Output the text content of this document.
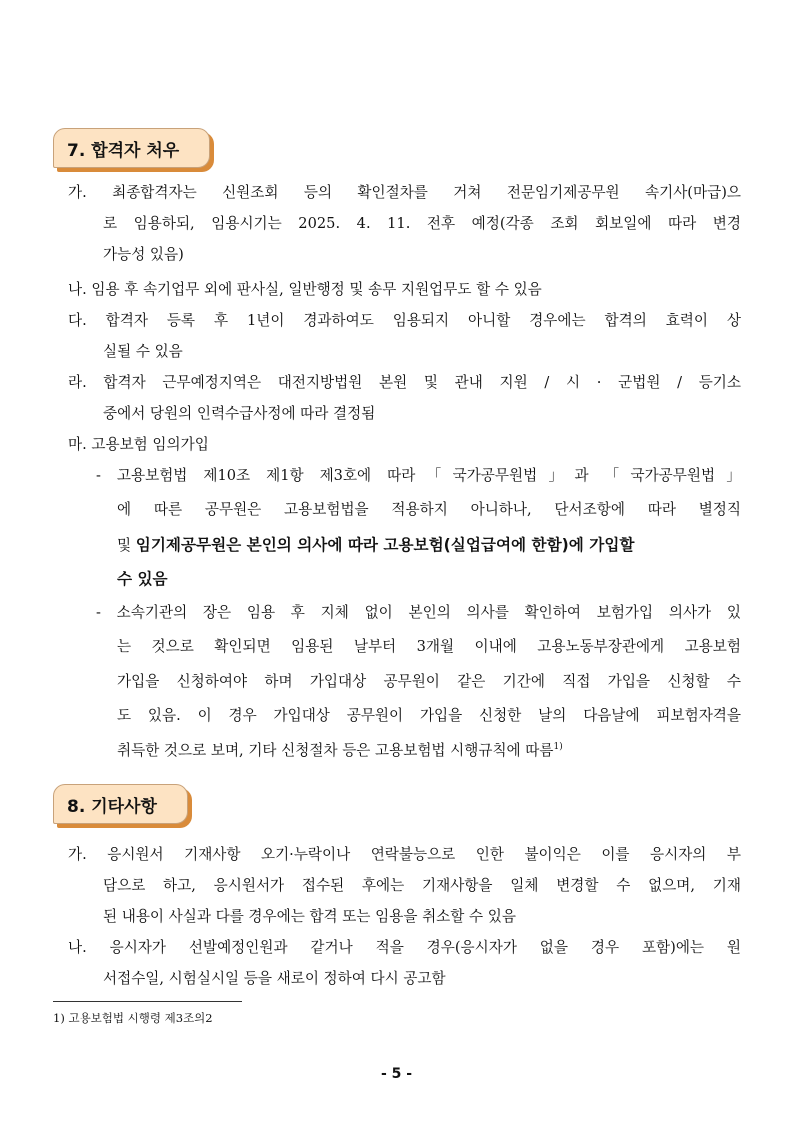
7. 합격자 처우
가. 최종합격자는 신원조회 등의 확인절차를 거쳐 전문임기제공무원 속기사(마급)으
로 임용하되, 임용시기는 2025. 4. 11. 전후 예정(각종 조회 회보일에 따라 변경
가능성 있음)
나. 임용 후 속기업무 외에 판사실, 일반행정 및 송무 지원업무도 할 수 있음
다. 합격자 등록 후 1년이 경과하여도 임용되지 아니할 경우에는 합격의 효력이 상
실될 수 있음
라. 합격자 근무예정지역은 대전지방법원 본원 및 관내 지원 / 시 · 군법원 / 등기소
중에서 당원의 인력수급사정에 따라 결정됨
마. 고용보험 임의가입
- 고용보험법 제10조 제1항 제3호에 따라「국가공무원법」과 「국가공무원법」
에 따른 공무원은 고용보험법을 적용하지 아니하나, 단서조항에 따라 별정직
및 임기제공무원은 본인의 의사에 따라 고용보험(실업급여에 한함)에 가입할
수 있음
- 소속기관의 장은 임용 후 지체 없이 본인의 의사를 확인하여 보험가입 의사가 있
는 것으로 확인되면 임용된 날부터 3개월 이내에 고용노동부장관에게 고용보험
가입을 신청하여야 하며 가입대상 공무원이 같은 기간에 직접 가입을 신청할 수
도 있음. 이 경우 가입대상 공무원이 가입을 신청한 날의 다음날에 피보험자격을
취득한 것으로 보며, 기타 신청절차 등은 고용보험법 시행규칙에 따름$^{1)}$
8. 기타사항
가. 응시원서 기재사항 오기·누락이나 연락불능으로 인한 불이익은 이를 응시자의 부
담으로 하고, 응시원서가 접수된 후에는 기재사항을 일체 변경할 수 없으며, 기재
된 내용이 사실과 다를 경우에는 합격 또는 임용을 취소할 수 있음
나. 응시자가 선발예정인원과 같거나 적을 경우(응시자가 없을 경우 포함)에는 원
서접수일, 시험실시일 등을 새로이 정하여 다시 공고함
1) 고용보험법 시행령 제3조의2
- 5 -
